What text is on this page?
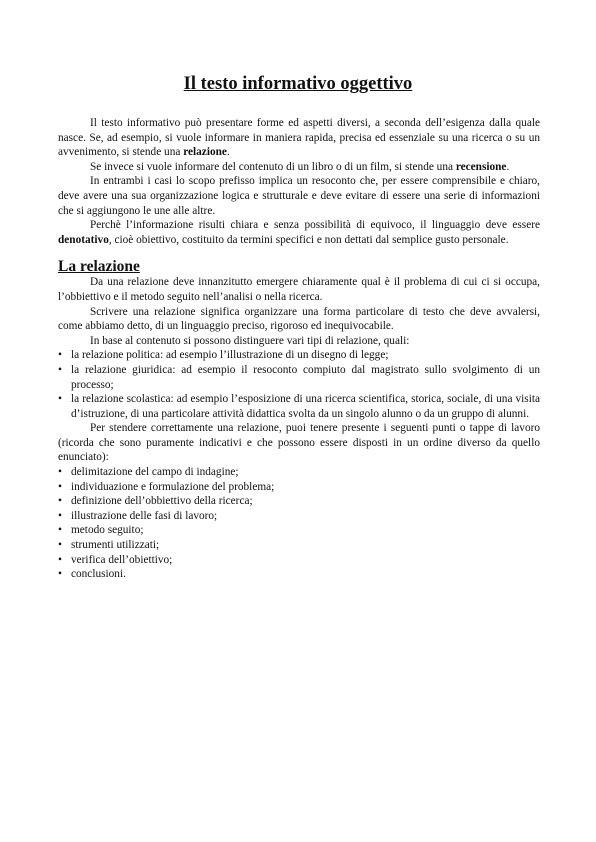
Il testo informativo oggettivo

Il testo informativo può presentare forme ed aspetti diversi, a seconda dell’esigenza dalla quale nasce. Se, ad esempio, si vuole informare in maniera rapida, precisa ed essenziale su una ricerca o su un avvenimento, si stende una relazione.

Se invece si vuole informare del contenuto di un libro o di un film, si stende una recensione.

In entrambi i casi lo scopo prefisso implica un resoconto che, per essere comprensibile e chiaro, deve avere una sua organizzazione logica e strutturale e deve evitare di essere una serie di informazioni che si aggiungono le une alle altre.

Perchè l’informazione risulti chiara e senza possibilità di equivoco, il linguaggio deve essere denotativo, cioè obiettivo, costituito da termini specifici e non dettati dal semplice gusto personale.

La relazione

Da una relazione deve innanzitutto emergere chiaramente qual è il problema di cui ci si occupa, l’obbiettivo e il metodo seguito nell’analisi o nella ricerca.

Scrivere una relazione significa organizzare una forma particolare di testo che deve avvalersi, come abbiamo detto, di un linguaggio preciso, rigoroso ed inequivocabile.

In base al contenuto si possono distinguere vari tipi di relazione, quali:

• la relazione politica: ad esempio l’illustrazione di un disegno di legge;
• la relazione giuridica: ad esempio il resoconto compiuto dal magistrato sullo svolgimento di un processo;
• la relazione scolastica: ad esempio l’esposizione di una ricerca scientifica, storica, sociale, di una visita d’istruzione, di una particolare attività didattica svolta da un singolo alunno o da un gruppo di alunni.

Per stendere correttamente una relazione, puoi tenere presente i seguenti punti o tappe di lavoro (ricorda che sono puramente indicativi e che possono essere disposti in un ordine diverso da quello enunciato):

• delimitazione del campo di indagine;
• individuazione e formulazione del problema;
• definizione dell’obbiettivo della ricerca;
• illustrazione delle fasi di lavoro;
• metodo seguito;
• strumenti utilizzati;
• verifica dell’obiettivo;
• conclusioni.
